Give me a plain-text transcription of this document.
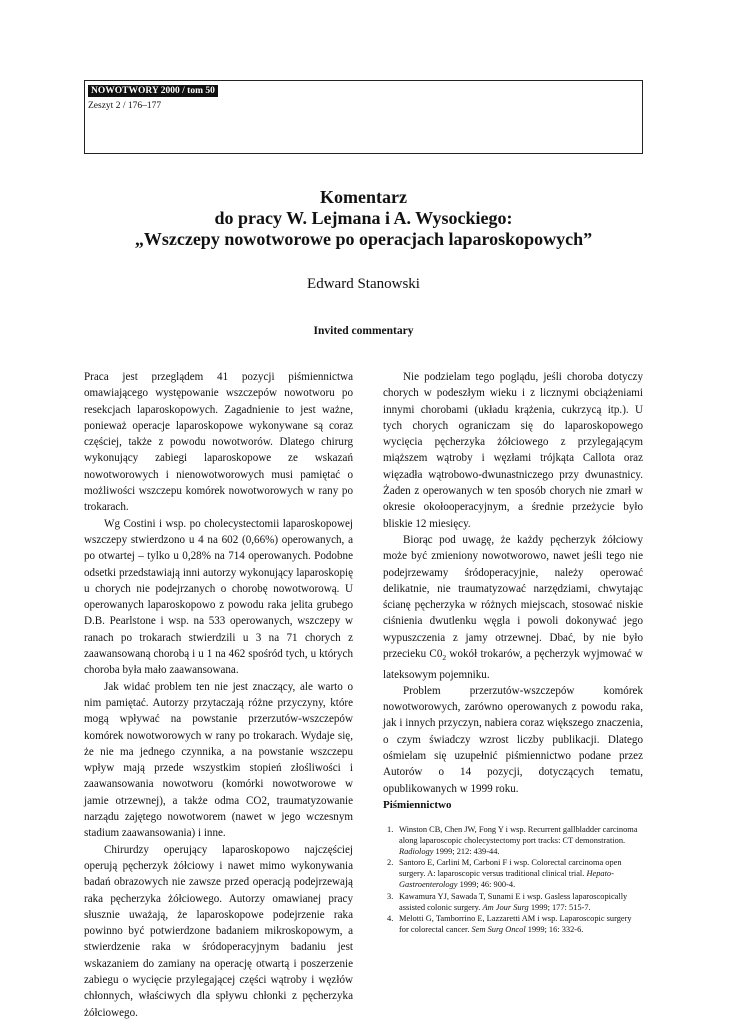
NOWOTWORY 2000 / tom 50
Zeszyt 2 / 176–177
Komentarz
do pracy W. Lejmana i A. Wysockiego:
„Wszczepy nowotworowe po operacjach laparoskopowych”
Edward Stanowski
Invited commentary

Praca jest przeglądem 41 pozycji piśmiennictwa omawiającego występowanie wszczepów nowotworu po resekcjach laparoskopowych. Zagadnienie to jest ważne, ponieważ operacje laparoskopowe wykonywane są coraz częściej, także z powodu nowotworów. Dlatego chirurg wykonujący zabiegi laparoskopowe ze wskazań nowotworowych i nienowotworowych musi pamiętać o możliwości wszczepu komórek nowotworowych w rany po trokarach.

Wg Costini i wsp. po cholecystectomii laparoskopowej wszczepy stwierdzono u 4 na 602 (0,66%) operowanych, a po otwartej – tylko u 0,28% na 714 operowanych. Podobne odsetki przedstawiają inni autorzy wykonujący laparoskopię u chorych nie podejrzanych o chorobę nowotworową. U operowanych laparoskopowo z powodu raka jelita grubego D.B. Pearlstone i wsp. na 533 operowanych, wszczepy w ranach po trokarach stwierdzili u 3 na 71 chorych z zaawansowaną chorobą i u 1 na 462 spośród tych, u których choroba była mało zaawansowana.

Jak widać problem ten nie jest znaczący, ale warto o nim pamiętać. Autorzy przytaczają różne przyczyny, które mogą wpływać na powstanie przerzutów-wszczepów komórek nowotworowych w rany po trokarach. Wydaje się, że nie ma jednego czynnika, a na powstanie wszczepu wpływ mają przede wszystkim stopień złośliwości i zaawansowania nowotworu (komórki nowotworowe w jamie otrzewnej), a także odma CO2, traumatyzowanie narządu zajętego nowotworem (nawet w jego wczesnym stadium zaawansowania) i inne.

Chirurdzy operujący laparoskopowo najczęściej operują pęcherzyk żółciowy i nawet mimo wykonywania badań obrazowych nie zawsze przed operacją podejrzewają raka pęcherzyka żółciowego. Autorzy omawianej pracy słusznie uważają, że laparoskopowe podejrzenie raka powinno być potwierdzone badaniem mikroskopowym, a stwierdzenie raka w śródoperacyjnym badaniu jest wskazaniem do zamiany na operację otwartą i poszerzenie zabiegu o wycięcie przylegającej części wątroby i węzłów chłonnych, właściwych dla spływu chłonki z pęcherzyka żółciowego.

Nie podzielam tego poglądu, jeśli choroba dotyczy chorych w podeszłym wieku i z licznymi obciążeniami innymi chorobami (układu krążenia, cukrzycą itp.). U tych chorych ograniczam się do laparoskopowego wycięcia pęcherzyka żółciowego z przylegającym miąższem wątroby i węzłami trójkąta Callota oraz więzadła wątrobowo-dwunastniczego przy dwunastnicy. Żaden z operowanych w ten sposób chorych nie zmarł w okresie okołooperacyjnym, a średnie przeżycie było bliskie 12 miesięcy.

Biorąc pod uwagę, że każdy pęcherzyk żółciowy może być zmieniony nowotworowo, nawet jeśli tego nie podejrzewamy śródoperacyjnie, należy operować delikatnie, nie traumatyzować narzędziami, chwytając ścianę pęcherzyka w różnych miejscach, stosować niskie ciśnienia dwutlenku węgla i powoli dokonywać jego wypuszczenia z jamy otrzewnej. Dbać, by nie było przecieku $C0_2$ wokół trokarów, a pęcherzyk wyjmować w lateksowym pojemniku.

Problem przerzutów-wszczepów komórek nowotworowych, zarówno operowanych z powodu raka, jak i innych przyczyn, nabiera coraz większego znaczenia, o czym świadczy wzrost liczby publikacji. Dlatego ośmielam się uzupełnić piśmiennictwo podane przez Autorów o 14 pozycji, dotyczących tematu, opublikowanych w 1999 roku.

Piśmiennictwo
1. Winston CB, Chen JW, Fong Y i wsp. Recurrent gallbladder carcinoma along laparoscopic cholecystectomy port tracks: CT demonstration. Radiology 1999; 212: 439-44.
2. Santoro E, Carlini M, Carboni F i wsp. Colorectal carcinoma open surgery. A: laparoscopic versus traditional clinical trial. Hepato-Gastroenterology 1999; 46: 900-4.
3. Kawamura YJ, Sawada T, Sunami E i wsp. Gasless laparoscopically assisted colonic surgery. Am Jour Surg 1999; 177: 515-7.
4. Melotti G, Tamborrino E, Lazzaretti AM i wsp. Laparoscopic surgery for colorectal cancer. Sem Surg Oncol 1999; 16: 332-6.
